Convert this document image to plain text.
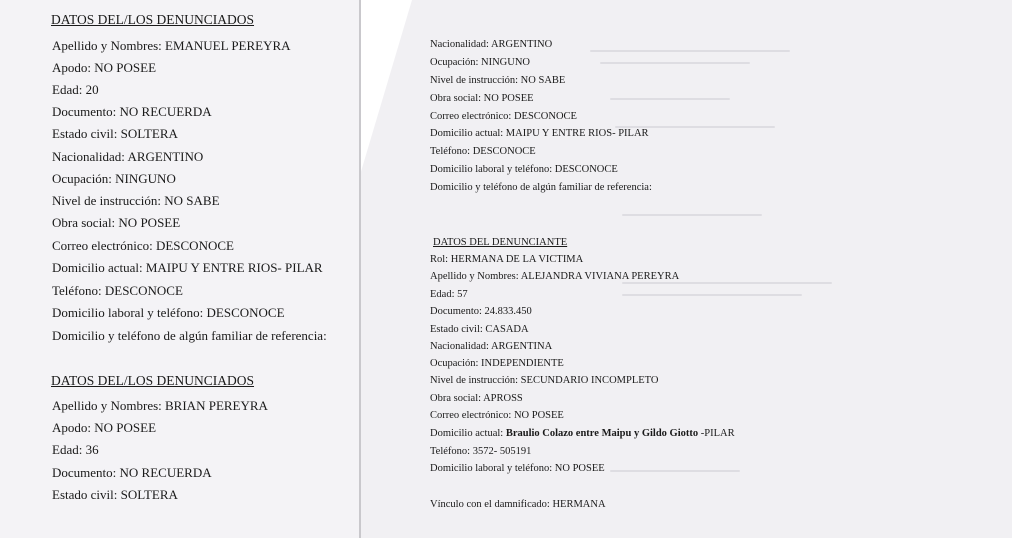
DATOS DEL/LOS DENUNCIADOS
Apellido y Nombres: EMANUEL PEREYRA
Apodo: NO POSEE
Edad: 20
Documento: NO RECUERDA
Estado civil: SOLTERA
Nacionalidad: ARGENTINO
Ocupación: NINGUNO
Nivel de instrucción: NO SABE
Obra social: NO POSEE
Correo electrónico: DESCONOCE
Domicilio actual: MAIPU Y ENTRE RIOS- PILAR
Teléfono: DESCONOCE
Domicilio laboral y teléfono: DESCONOCE
Domicilio y teléfono de algún familiar de referencia:
DATOS DEL/LOS DENUNCIADOS
Apellido y Nombres: BRIAN PEREYRA
Apodo: NO POSEE
Edad: 36
Documento: NO RECUERDA
Estado civil: SOLTERA
Nacionalidad: ARGENTINO
Ocupación: NINGUNO
Nivel de instrucción: NO SABE
Obra social: NO POSEE
Correo electrónico: DESCONOCE
Domicilio actual: MAIPU Y ENTRE RIOS- PILAR
Teléfono: DESCONOCE
Domicilio laboral y teléfono: DESCONOCE
Domicilio y teléfono de algún familiar de referencia:
DATOS DEL DENUNCIANTE
Rol: HERMANA DE LA VICTIMA
Apellido y Nombres: ALEJANDRA VIVIANA PEREYRA
Edad: 57
Documento: 24.833.450
Estado civil: CASADA
Nacionalidad: ARGENTINA
Ocupación: INDEPENDIENTE
Nivel de instrucción: SECUNDARIO INCOMPLETO
Obra social: APROSS
Correo electrónico: NO POSEE
Domicilio actual: Braulio Colazo entre Maipu y Gildo Giotto -PILAR
Teléfono: 3572- 505191
Domicilio laboral y teléfono: NO POSEE
Vínculo con el damnificado: HERMANA
